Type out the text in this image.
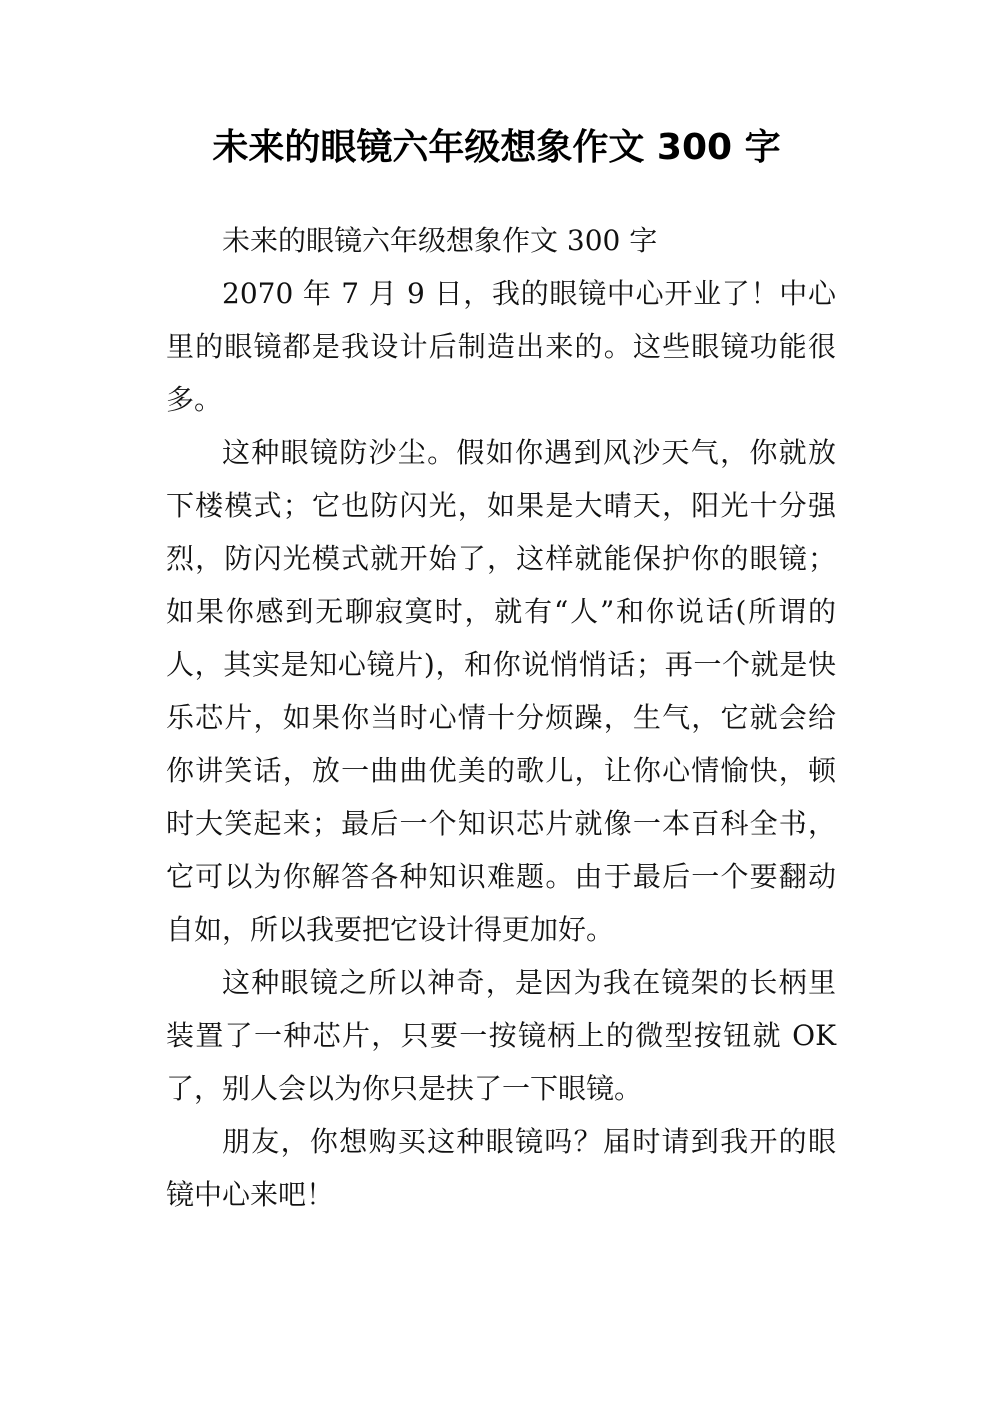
未来的眼镜六年级想象作文 300 字

未来的眼镜六年级想象作文 300 字

2070 年 7 月 9 日，我的眼镜中心开业了！中心里的眼镜都是我设计后制造出来的。这些眼镜功能很多。

这种眼镜防沙尘。假如你遇到风沙天气，你就放下楼模式；它也防闪光，如果是大晴天，阳光十分强烈，防闪光模式就开始了，这样就能保护你的眼镜；如果你感到无聊寂寞时，就有“人”和你说话(所谓的人，其实是知心镜片)，和你说悄悄话；再一个就是快乐芯片，如果你当时心情十分烦躁，生气，它就会给你讲笑话，放一曲曲优美的歌儿，让你心情愉快，顿时大笑起来；最后一个知识芯片就像一本百科全书，它可以为你解答各种知识难题。由于最后一个要翻动自如，所以我要把它设计得更加好。

这种眼镜之所以神奇，是因为我在镜架的长柄里装置了一种芯片，只要一按镜柄上的微型按钮就 OK 了，别人会以为你只是扶了一下眼镜。

朋友，你想购买这种眼镜吗？届时请到我开的眼镜中心来吧！
